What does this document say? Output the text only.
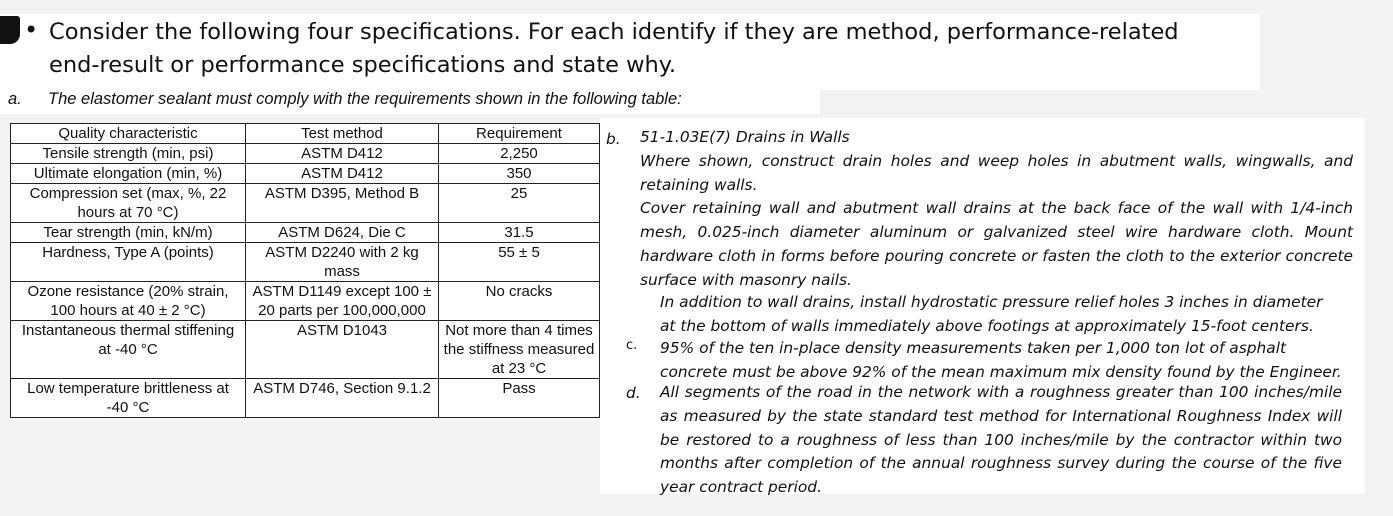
• Consider the following four specifications. For each identify if they are method, performance-related end-result or performance specifications and state why.
a. The elastomer sealant must comply with the requirements shown in the following table:
Quality characteristic	Test method	Requirement
Tensile strength (min, psi)	ASTM D412	2,250
Ultimate elongation (min, %)	ASTM D412	350
Compression set (max, %, 22 hours at 70 °C)	ASTM D395, Method B	25
Tear strength (min, kN/m)	ASTM D624, Die C	31.5
Hardness, Type A (points)	ASTM D2240 with 2 kg mass	55 ± 5
Ozone resistance (20% strain, 100 hours at 40 ± 2 °C)	ASTM D1149 except 100 ± 20 parts per 100,000,000	No cracks
Instantaneous thermal stiffening at -40 °C	ASTM D1043	Not more than 4 times the stiffness measured at 23 °C
Low temperature brittleness at -40 °C	ASTM D746, Section 9.1.2	Pass
b. 51-1.03E(7) Drains in Walls

Where shown, construct drain holes and weep holes in abutment walls, wingwalls, and retaining walls.

Cover retaining wall and abutment wall drains at the back face of the wall with 1/4-inch mesh, 0.025-inch diameter aluminum or galvanized steel wire hardware cloth. Mount hardware cloth in forms before pouring concrete or fasten the cloth to the exterior concrete surface with masonry nails.

In addition to wall drains, install hydrostatic pressure relief holes 3 inches in diameter at the bottom of walls immediately above footings at approximately 15-foot centers.
c. 95% of the ten in-place density measurements taken per 1,000 ton lot of asphalt concrete must be above 92% of the mean maximum mix density found by the Engineer.
d. All segments of the road in the network with a roughness greater than 100 inches/mile as measured by the state standard test method for International Roughness Index will be restored to a roughness of less than 100 inches/mile by the contractor within two months after completion of the annual roughness survey during the course of the five year contract period.
